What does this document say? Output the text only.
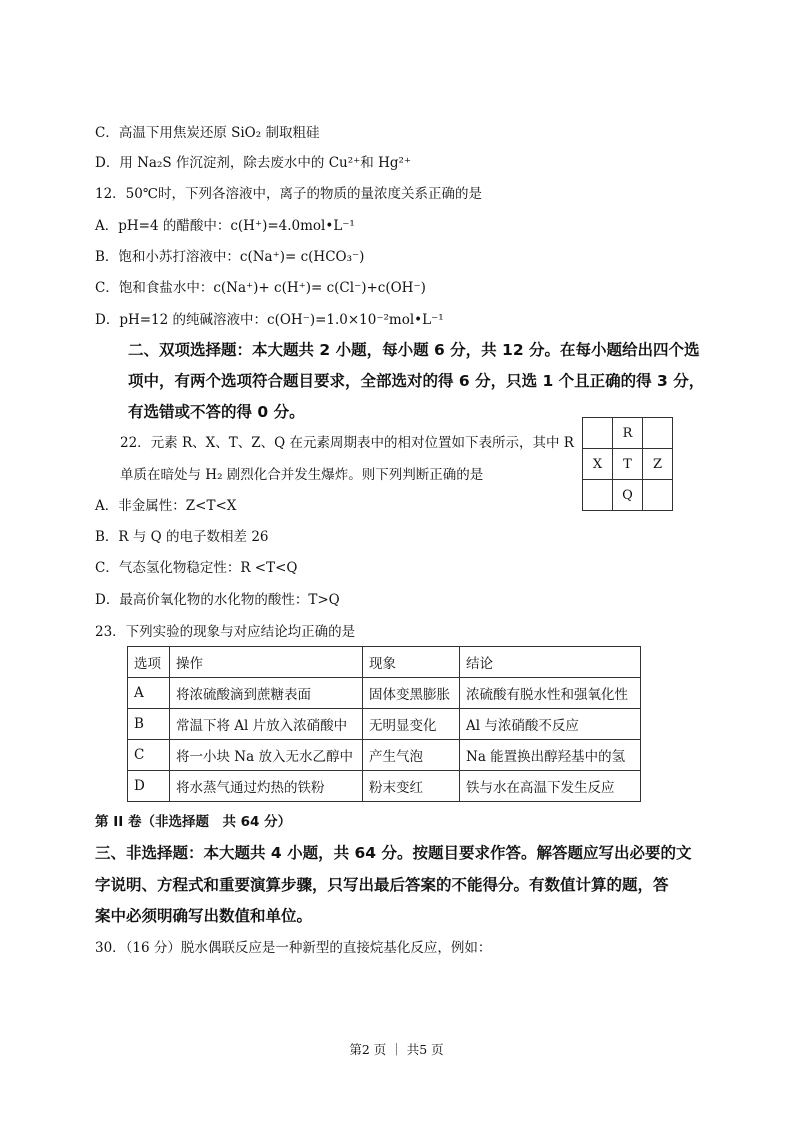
C．高温下用焦炭还原 SiO₂ 制取粗硅
D．用 Na₂S 作沉淀剂，除去废水中的 Cu²⁺和 Hg²⁺
12．50℃时，下列各溶液中，离子的物质的量浓度关系正确的是
A．pH=4 的醋酸中：c(H⁺)=4.0mol•L⁻¹
B．饱和小苏打溶液中：c(Na⁺)= c(HCO₃⁻)
C．饱和食盐水中：c(Na⁺)+ c(H⁺)= c(Cl⁻)+c(OH⁻)
D．pH=12 的纯碱溶液中：c(OH⁻)=1.0×10⁻²mol•L⁻¹
二、双项选择题：本大题共 2 小题，每小题 6 分，共 12 分。在每小题给出四个选
项中，有两个选项符合题目要求，全部选对的得 6 分，只选 1 个且正确的得 3 分，
有选错或不答的得 0 分。
22．元素 R、X、T、Z、Q 在元素周期表中的相对位置如下表所示，其中 R
单质在暗处与 H₂ 剧烈化合并发生爆炸。则下列判断正确的是
	R	
X	T	Z
	Q	
A．非金属性：Z<T<X
B．R 与 Q 的电子数相差 26
C．气态氢化物稳定性：R <T<Q
D．最高价氧化物的水化物的酸性：T>Q
23．下列实验的现象与对应结论均正确的是
选项	操作	现象	结论
A	将浓硫酸滴到蔗糖表面	固体变黑膨胀	浓硫酸有脱水性和强氧化性
B	常温下将 Al 片放入浓硝酸中	无明显变化	Al 与浓硝酸不反应
C	将一小块 Na 放入无水乙醇中	产生气泡	Na 能置换出醇羟基中的氢
D	将水蒸气通过灼热的铁粉	粉末变红	铁与水在高温下发生反应
第 II 卷（非选择题　共 64 分）
三、非选择题：本大题共 4 小题，共 64 分。按题目要求作答。解答题应写出必要的文
字说明、方程式和重要演算步骤，只写出最后答案的不能得分。有数值计算的题，答
案中必须明确写出数值和单位。
30．（16 分）脱水偶联反应是一种新型的直接烷基化反应，例如：
第2 页 ｜ 共5 页
